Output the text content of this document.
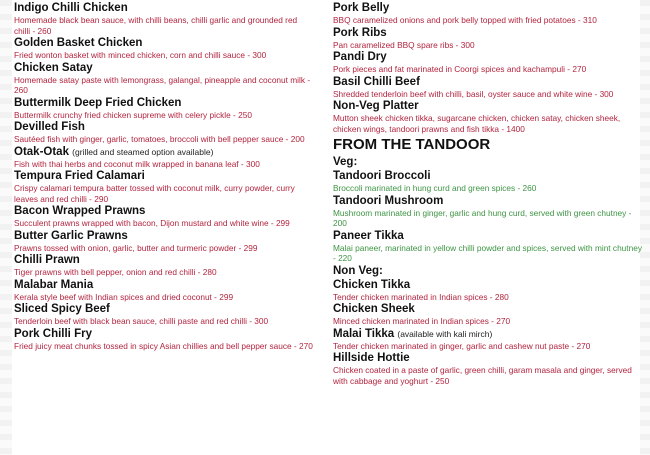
Indigo Chilli Chicken
Homemade black bean sauce, with chilli beans, chilli garlic and grounded red chilli - 260
Golden Basket Chicken
Fried wonton basket with minced chicken, corn and chilli sauce - 300
Chicken Satay
Homemade satay paste with lemongrass, galangal, pineapple and coconut milk - 260
Buttermilk Deep Fried Chicken
Buttermilk crunchy fried chicken supreme with celery pickle - 250
Devilled Fish
Sautéed fish with ginger, garlic, tomatoes, broccoli with bell pepper sauce - 200
Otak-Otak (grilled and steamed option available)
Fish with thai herbs and coconut milk wrapped in banana leaf - 300
Tempura Fried Calamari
Crispy calamari tempura batter tossed with coconut milk, curry powder, curry leaves and red chilli - 290
Bacon Wrapped Prawns
Succulent prawns wrapped with bacon, Dijon mustard and white wine - 299
Butter Garlic Prawns
Prawns tossed with onion, garlic, butter and turmeric powder - 299
Chilli Prawn
Tiger prawns with bell pepper, onion and red chilli - 280
Malabar Mania
Kerala style beef with Indian spices and dried coconut - 299
Sliced Spicy Beef
Tenderloin beef with black bean sauce, chilli paste and red chilli - 300
Pork Chilli Fry
Fried juicy meat chunks tossed in spicy Asian chillies and bell pepper sauce - 270
Pork Belly
BBQ caramelized onions and pork belly topped with fried potatoes - 310
Pork Ribs
Pan caramelized BBQ spare ribs - 300
Pandi Dry
Pork pieces and fat marinated in Coorgi spices and kachampuli - 270
Basil Chilli Beef
Shredded tenderloin beef with chilli, basil, oyster sauce and white wine - 300
Non-Veg Platter
Mutton sheek chicken tikka, sugarcane chicken, chicken satay, chicken sheek, chicken wings, tandoori prawns and fish tikka - 1400
FROM THE TANDOOR
Veg:
Tandoori Broccoli
Broccoli marinated in hung curd and green spices - 260
Tandoori Mushroom
Mushroom marinated in ginger, garlic and hung curd, served with green chutney - 200
Paneer Tikka
Malai paneer, marinated in yellow chilli powder and spices, served with mint chutney - 220
Non Veg:
Chicken Tikka
Tender chicken marinated in Indian spices - 280
Chicken Sheek
Minced chicken marinated in Indian spices - 270
Malai Tikka (available with kali mirch)
Tender chicken marinated in ginger, garlic and cashew nut paste - 270
Hillside Hottie
Chicken coated in a paste of garlic, green chilli, garam masala and ginger, served with cabbage and yoghurt - 250
